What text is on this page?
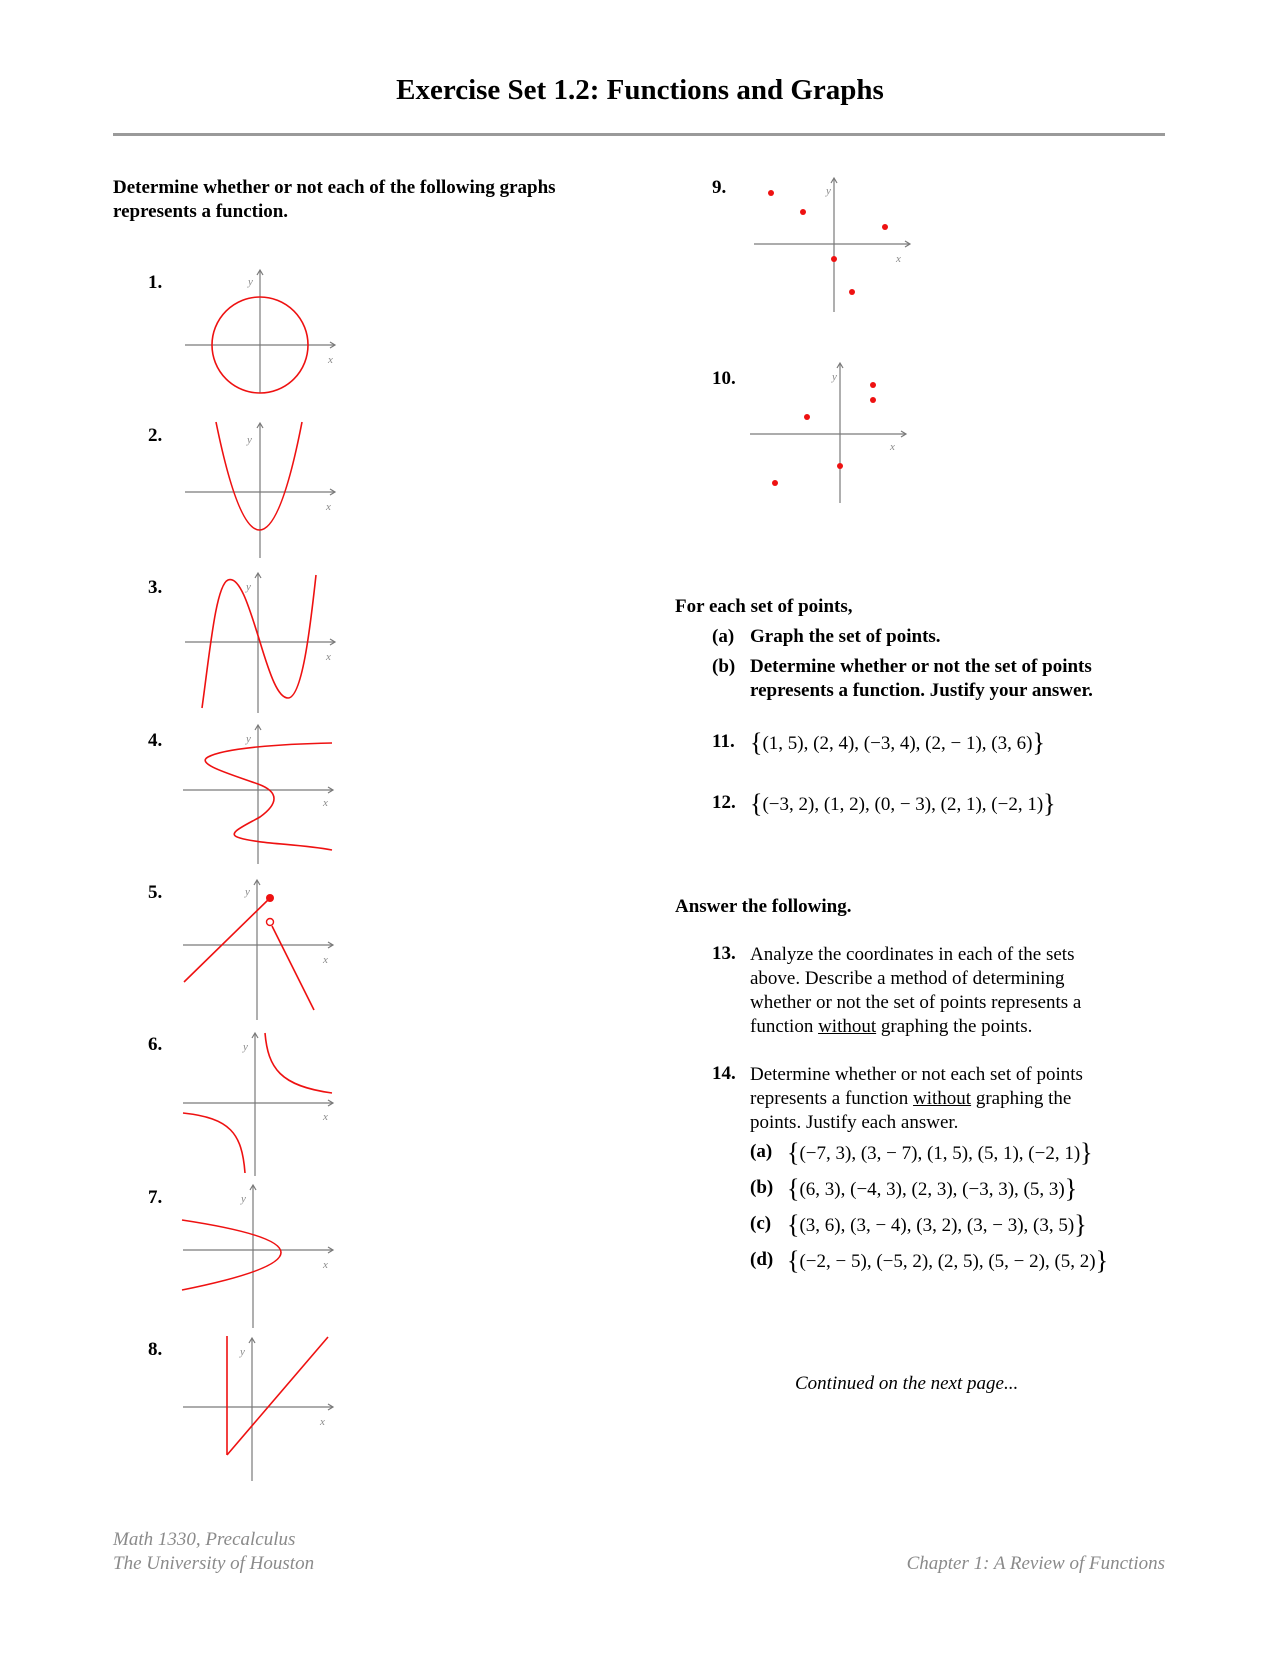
Exercise Set 1.2: Functions and Graphs
Determine whether or not each of the following graphs represents a function.
1.
2.
3.
4.
5.
6.
7.
8.
9.
10.
y
x
y
x
y
x
y
x
y
x
y
x
y
x
y
x
y
x
y
x
For each set of points,
(a) Graph the set of points.
(b) Determine whether or not the set of points represents a function. Justify your answer.
11. {(1, 5), (2, 4), (−3, 4), (2, − 1), (3, 6)}
12. {(−3, 2), (1, 2), (0, − 3), (2, 1), (−2, 1)}
Answer the following.
13. Analyze the coordinates in each of the sets above. Describe a method of determining whether or not the set of points represents a function without graphing the points.
14. Determine whether or not each set of points represents a function without graphing the points. Justify each answer.
(a) {(−7, 3), (3, − 7), (1, 5), (5, 1), (−2, 1)}
(b) {(6, 3), (−4, 3), (2, 3), (−3, 3), (5, 3)}
(c) {(3, 6), (3, − 4), (3, 2), (3, − 3), (3, 5)}
(d) {(−2, − 5), (−5, 2), (2, 5), (5, − 2), (5, 2)}
Continued on the next page...
Math 1330, Precalculus
The University of Houston	Chapter 1: A Review of Functions
